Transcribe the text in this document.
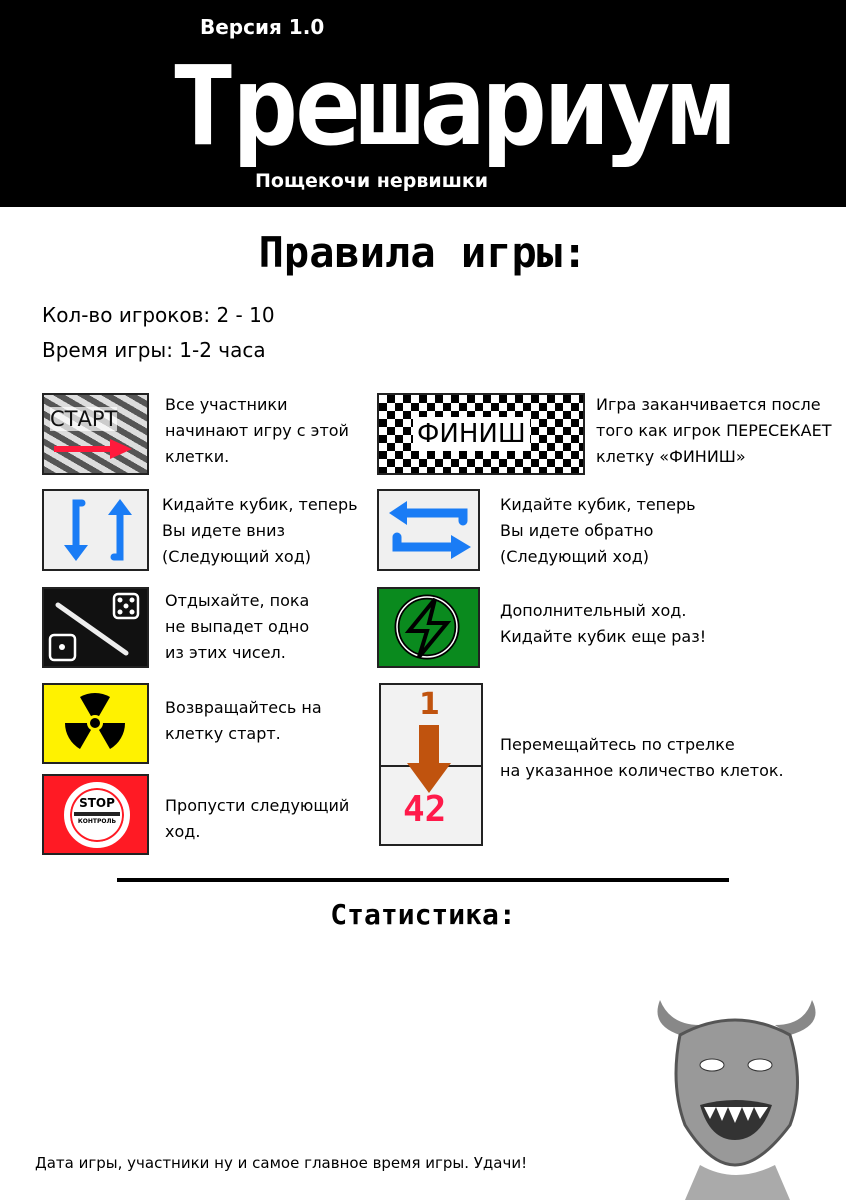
Версия 1.0
Трешариум
Пощекочи нервишки
Правила игры:
Кол-во игроков: 2 - 10
Время игры: 1-2 часа
СТАРТ
Все участники
начинают игру с этой
клетки.
ФИНИШ
Игра заканчивается после
того как игрок ПЕРЕСЕКАЕТ
клетку «ФИНИШ»
Кидайте кубик, теперь
Вы идете вниз
(Следующий ход)
Кидайте кубик, теперь
Вы идете обратно
(Следующий ход)
Отдыхайте, пока
не выпадет одно
из этих чисел.
Дополнительный ход.
Кидайте кубик еще раз!
Возвращайтесь на
клетку старт.
1
42
Перемещайтесь по стрелке
на указанное количество клеток.
STOP
КОНТРОЛЬ
Пропусти следующий
ход.
Статистика:
Дата игры, участники ну и самое главное время игры. Удачи!
